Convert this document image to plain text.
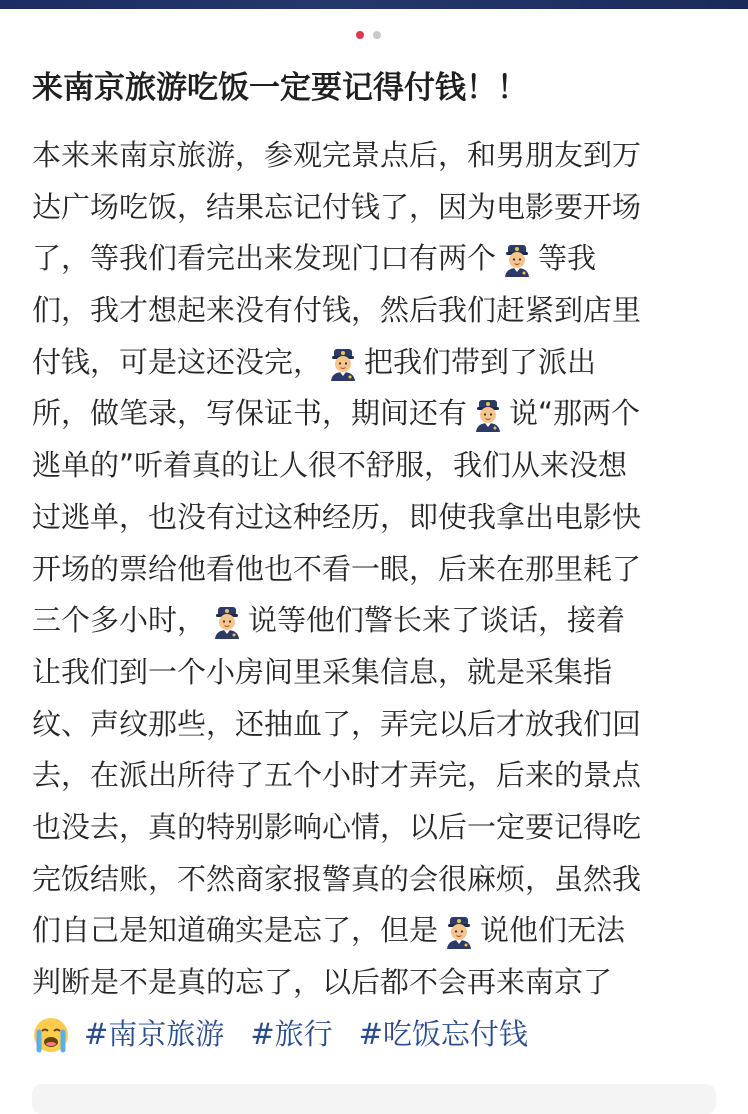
来南京旅游吃饭一定要记得付钱！！
本来来南京旅游，参观完景点后，和男朋友到万
达广场吃饭，结果忘记付钱了，因为电影要开场
了，等我们看完出来发现门口有两个 等我
们，我才想起来没有付钱，然后我们赶紧到店里
付钱，可是这还没完， 把我们带到了派出
所，做笔录，写保证书，期间还有 说“那两个
逃单的”听着真的让人很不舒服，我们从来没想
过逃单，也没有过这种经历，即使我拿出电影快
开场的票给他看他也不看一眼，后来在那里耗了
三个多小时， 说等他们警长来了谈话，接着
让我们到一个小房间里采集信息，就是采集指
纹、声纹那些，还抽血了，弄完以后才放我们回
去，在派出所待了五个小时才弄完，后来的景点
也没去，真的特别影响心情，以后一定要记得吃
完饭结账，不然商家报警真的会很麻烦，虽然我
们自己是知道确实是忘了，但是 说他们无法
判断是不是真的忘了，以后都不会再来南京了
#南京旅游 #旅行 #吃饭忘付钱
